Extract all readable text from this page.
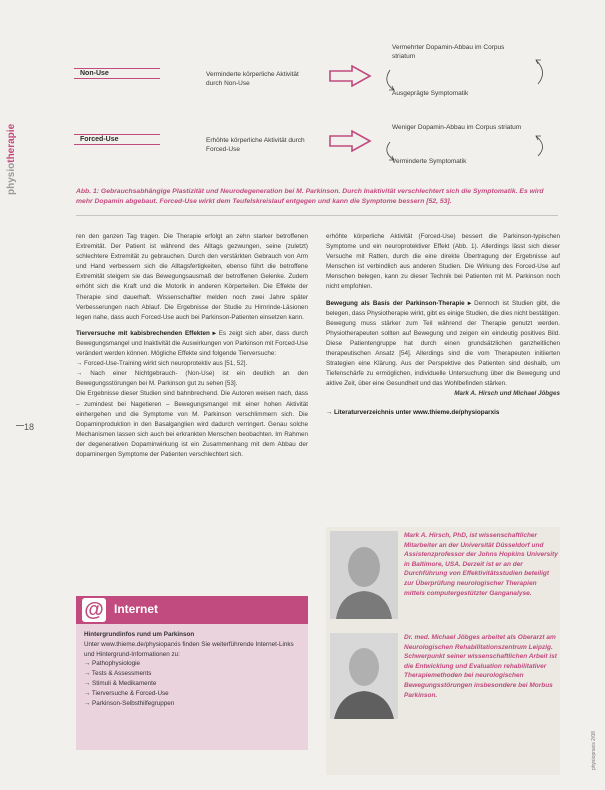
physiotherapie
18
Non-Use	Verminderte körperliche Aktivität durch Non-Use
Vermehrter Dopamin-Abbau im Corpus striatum
Ausgeprägte Symptomatik
Forced-Use	Erhöhte körperliche Aktivität durch Forced-Use
Weniger Dopamin-Abbau im Corpus striatum
Verminderte Symptomatik
Abb. 1: Gebrauchsabhängige Plastizität und Neurodegeneration bei M. Parkinson. Durch Inaktivität verschlechtert sich die Symptomatik. Es wird mehr Dopamin abgebaut. Forced-Use wirkt dem Teufelskreislauf entgegen und kann die Symptome bessern [52, 53].

ren den ganzen Tag tragen. Die Therapie erfolgt an zehn starker betroffenen Extremität. Der Patient ist während des Alltags gezwungen, seine (zuletzt) schlechtere Extremität zu gebrauchen. Durch den verstärkten Gebrauch von Arm und Hand verbessern sich die Alltagsfertigkeiten, ebenso führt die betroffene Extremität steigern sie das Bewegungsausmaß der betroffenen Gelenke. Zudem erhöht sich die Kraft und die Motorik in anderen Körperteilen. Die Effekte der Therapie sind dauerhaft. Wissenschaftler melden noch zwei Jahre später Verbesserungen nach Ablauf. Die Ergebnisse der Studie zu Hirnrinde-Läsionen legen nahe, dass auch Forced-Use auch bei Parkinson-Patienten einsetzen kann.

Tierversuche mit kabisbrechenden Effekten ▸ Es zeigt sich aber, dass durch Bewegungsmangel und Inaktivität die Auswirkungen von Parkinson mit Forced-Use verändert werden können. Mögliche Effekte sind folgende Tierversuche:

→ Forced-Use-Training wirkt sich neuroprotektiv aus [51, 52].

→ Nach einer Nichtgebrauch- (Non-Use) ist ein deutlich an den Bewegungsstörungen bei M. Parkinson gut zu sehen [53].

Die Ergebnisse dieser Studien sind bahnbrechend. Die Autoren weisen nach, dass – zumindest bei Nagetieren – Bewegungsmangel mit einer hohen Aktivität einhergehen und die Symptome von M. Parkinson verschlimmern sich. Die Dopaminproduktion in den Basalganglien wird dadurch verringert. Genau solche Mechanismen lassen sich auch bei erkrankten Menschen beobachten. Im Rahmen der degenerativen Dopaminwirkung ist ein Zusammenhang mit dem Abbau der dopaminergen Symptome der Patienten verschlechtert sich.

erhöhte körperliche Aktivität (Forced-Use) bessert die Parkinson-typischen Symptome und ein neuroprotektiver Effekt (Abb. 1). Allerdings lässt sich dieser Versuche mit Ratten, durch die eine direkte Übertragung der Ergebnisse auf Menschen ist verbindlich aus anderen Studien. Die Wirkung des Forced-Use auf Menschen belegen, kann zu dieser Technik bei Patienten mit M. Parkinson noch nicht empfohlen.

Bewegung als Basis der Parkinson-Therapie ▸ Dennoch ist Studien gibt, die belegen, dass Physiotherapie wirkt, gibt es einige Studien, die dies nicht bestätigen. Bewegung muss stärker zum Teil während der Therapie genutzt werden. Physiotherapeuten sollten auf Bewegung und zeigen ein eindeutig positives Bild. Diese Patientengruppe hat durch einen grundsätzlichen ganzheitlichen therapeutischen Ansatz [54]. Allerdings sind die vom Therapeuten initiierten Strategien eine Klärung. Aus der Perspektive des Patienten sind deshalb, um Tiefenschärfe zu ermöglichen, individuelle Untersuchung über die Bewegung und aktive Zeit, über eine Gesundheit und das Wohlbefinden stärken.

Mark A. Hirsch und Michael Jöbges

→ Literaturverzeichnis unter www.thieme.de/physioparxis

@ Internet

Hintergrundinfos rund um Parkinson

Unter www.thieme.de/physioparxis finden Sie weiterführende Internet-Links und Hintergrund-Informationen zu:

→ Pathophysiologie

→ Tests & Assessments

→ Stimuli & Medikamente

→ Tierversuche & Forced-Use

→ Parkinson-Selbsthilfegruppen

Mark A. Hirsch, PhD, ist wissenschaftlicher Mitarbeiter an der Universität Düsseldorf und Assistenzprofessor der Johns Hopkins University in Baltimore, USA. Derzeit ist er an der Durchführung von Effektivitätsstudien beteiligt zur Überprüfung neurologischer Therapien mittels computergestützter Ganganalyse.
Dr. med. Michael Jöbges arbeitet als Oberarzt am Neurologischen Rehabilitationszentrum Leipzig. Schwerpunkt seiner wissenschaftlichen Arbeit ist die Entwicklung und Evaluation rehabilitativer Therapiemethoden bei neurologischen Bewegungsstörungen insbesondere bei Morbus Parkinson.
physiopraxis 2/08
